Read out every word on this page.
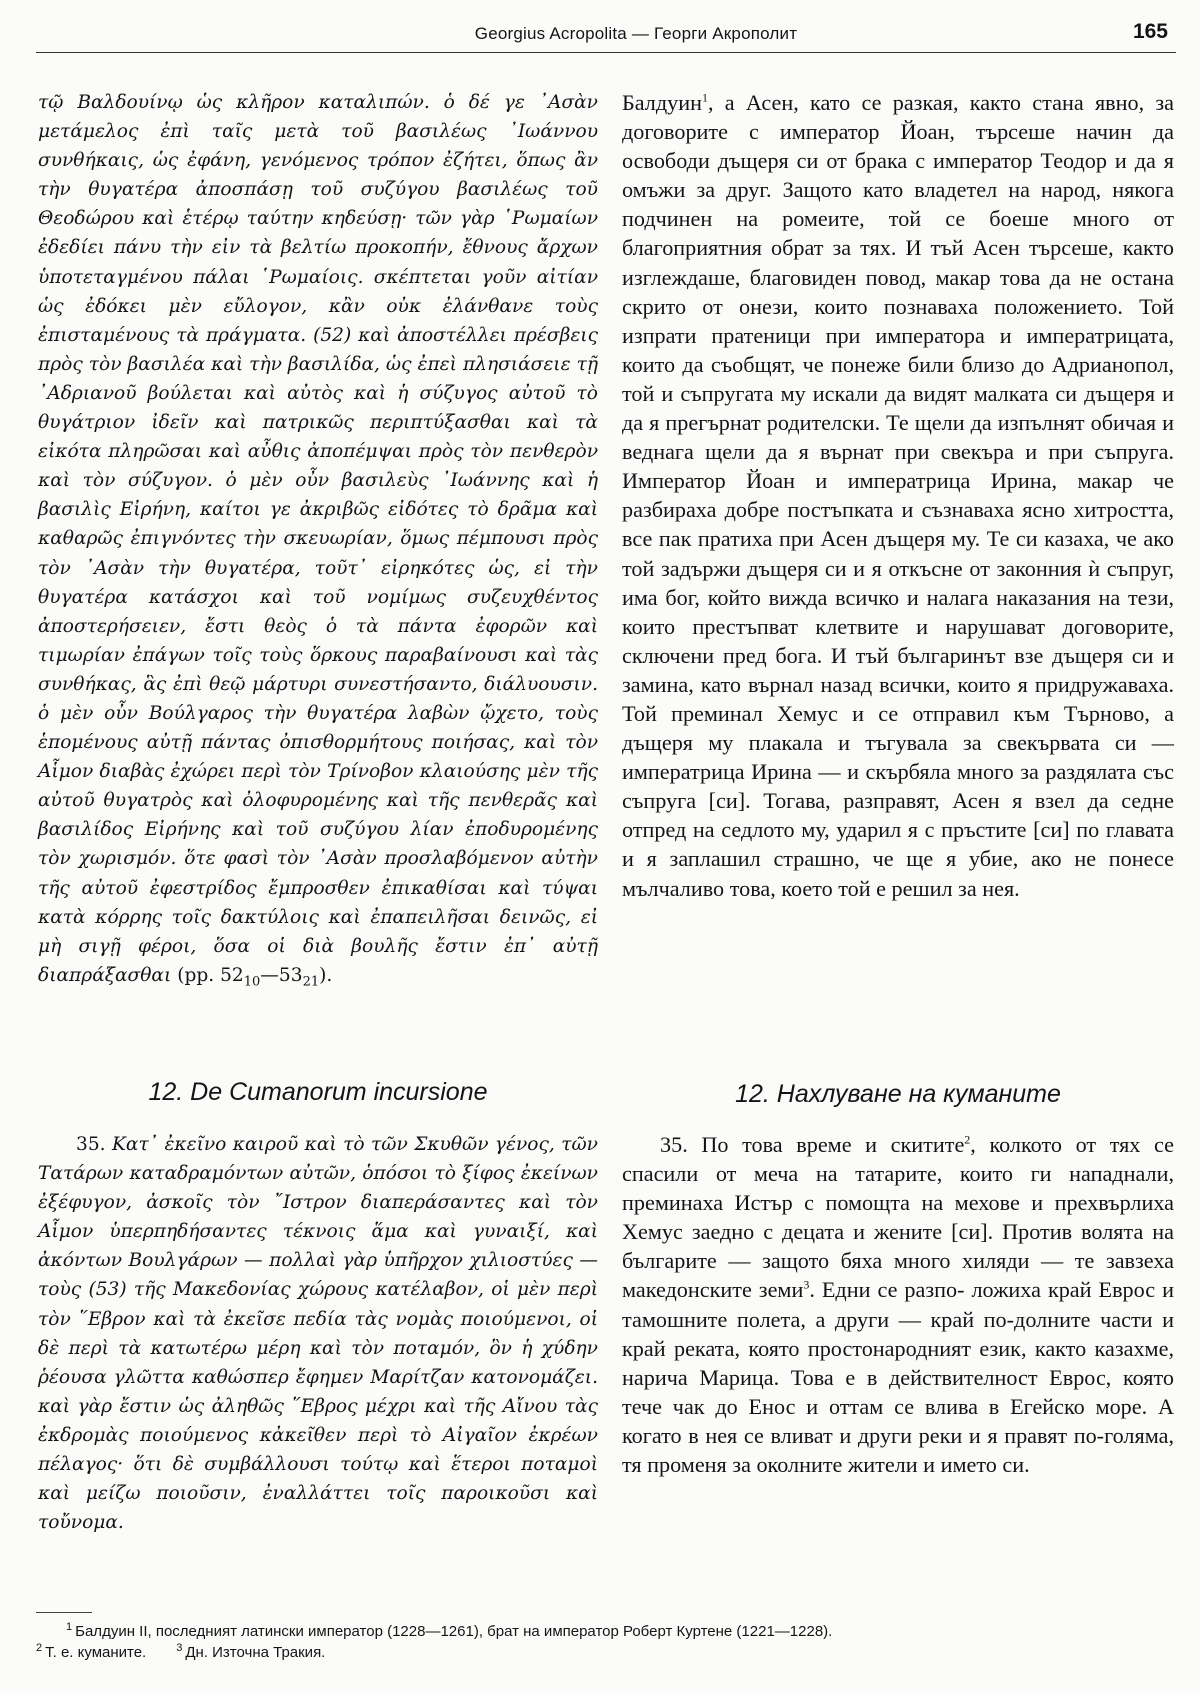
Georgius Acropolita — Георги Акрополит	165

τῷ Βαλδουίνῳ ὡς κλῆρον καταλιπών. ὁ δέ γε ᾿Ασὰν μετάμελος ἐπὶ ταῖς μετὰ τοῦ βασιλέως ᾿Ιωάννου συνθήκαις, ὡς ἐφάνη, γενόμενος τρόπον ἐζήτει, ὅπως ἂν τὴν θυγατέρα ἀποσπάσῃ τοῦ συζύγου βασιλέως τοῦ Θεοδώρου καὶ ἑτέρῳ ταύτην κηδεύσῃ· τῶν γὰρ ῾Ρωμαίων ἐδεδίει πάνυ τὴν εἰν τὰ βελτίω προκοπήν, ἔθνους ἄρχων ὑποτεταγμένου πάλαι ῾Ρωμαίοις. σκέπτεται γοῦν αἰτίαν ὡς ἐδόκει μὲν εὔλογον, κἂν οὐκ ἐλάνθανε τοὺς ἐπισταμένους τὰ πράγματα. (52) καὶ ἀποστέλλει πρέσβεις πρὸς τὸν βασιλέα καὶ τὴν βασιλίδα, ὡς ἐπεὶ πλησιάσειε τῇ ᾿Αδριανοῦ βούλεται καὶ αὐτὸς καὶ ἡ σύζυγος αὐτοῦ τὸ θυγάτριον ἰδεῖν καὶ πατρικῶς περιπτύξασθαι καὶ τὰ εἰκότα πληρῶσαι καὶ αὖθις ἀποπέμψαι πρὸς τὸν πενθερὸν καὶ τὸν σύζυγον. ὁ μὲν οὖν βασιλεὺς ᾿Ιωάννης καὶ ἡ βασιλὶς Εἰρήνη, καίτοι γε ἀκριβῶς εἰδότες τὸ δρᾶμα καὶ καθαρῶς ἐπιγνόντες τὴν σκευωρίαν, ὅμως πέμπουσι πρὸς τὸν ᾿Ασὰν τὴν θυγατέρα, τοῦτ᾿ εἰρηκότες ὡς, εἰ τὴν θυγατέρα κατάσχοι καὶ τοῦ νομίμως συζευχθέντος ἀποστερήσειεν, ἔστι θεὸς ὁ τὰ πάντα ἐφορῶν καὶ τιμωρίαν ἐπάγων τοῖς τοὺς ὅρκους παραβαίνουσι καὶ τὰς συνθήκας, ἃς ἐπὶ θεῷ μάρτυρι συνεστήσαντο, διάλυουσιν. ὁ μὲν οὖν Βούλγαρος τὴν θυγατέρα λαβὼν ᾤχετο, τοὺς ἑπομένους αὐτῇ πάντας ὀπισθορμήτους ποιήσας, καὶ τὸν Αἷμον διαβὰς ἐχώρει περὶ τὸν Τρίνοβον κλαιούσης μὲν τῆς αὐτοῦ θυγατρὸς καὶ ὀλοφυρομένης καὶ τῆς πενθερᾶς καὶ βασιλίδος Εἰρήνης καὶ τοῦ συζύγου λίαν ἐποδυρομένης τὸν χωρισμόν. ὅτε φασὶ τὸν ᾿Ασὰν προσλαβόμενον αὐτὴν τῆς αὐτοῦ ἐφεστρίδος ἔμπροσθεν ἐπικαθίσαι καὶ τύψαι κατὰ κόρρης τοῖς δακτύλοις καὶ ἐπαπειλῆσαι δεινῶς, εἰ μὴ σιγῇ φέροι, ὅσα οἱ διὰ βουλῆς ἔστιν ἐπ᾿ αὐτῇ διαπράξασθαι (pp. $52_{10}—53_{21}$).

Балдуин$^1$, а Асен, като се разкая, както стана явно, за договорите с император Йоан, търсеше начин да освободи дъщеря си от брака с император Теодор и да я омъжи за друг. Защото като владетел на народ, някога подчинен на ромеите, той се боеше много от благоприятния обрат за тях. И тъй Асен търсеше, както изглеждаше, благовиден повод, макар това да не остана скрито от онези, които познаваха положението. Той изпрати пратеници при императора и императрицата, които да съобщят, че понеже били близо до Адрианопол, той и съпругата му искали да видят малката си дъщеря и да я прегърнат родителски. Те щели да изпълнят обичая и веднага щели да я върнат при свекъра и при съпруга. Император Йоан и императрица Ирина, макар че разбираха добре постъпката и съзнаваха ясно хитростта, все пак пратиха при Асен дъщеря му. Те си казаха, че ако той задържи дъщеря си и я откъсне от законния ѝ съпруг, има бог, който вижда всичко и налага наказания на тези, които престъпват клетвите и нарушават договорите, сключени пред бога. И тъй българинът взе дъщеря си и замина, като върнал назад всички, които я придружаваха. Той преминал Хемус и се отправил към Търново, а дъщеря му плакала и тъгувала за свекървата си — императрица Ирина — и скърбяла много за раздялата със съпруга [си]. Тогава, разправят, Асен я взел да седне отпред на седлото му, ударил я с пръстите [си] по главата и я заплашил страшно, че ще я убие, ако не понесе мълчаливо това, което той е решил за нея.

12. De Cumanorum incursione	12. Нахлуване на куманите

35. Κατ᾿ ἐκεῖνο καιροῦ καὶ τὸ τῶν Σκυθῶν γένος, τῶν Τατάρων καταδραμόντων αὐτῶν, ὁπόσοι τὸ ξίφος ἐκείνων ἐξέφυγον, ἀσκοῖς τὸν ῎Ιστρον διαπεράσαντες καὶ τὸν Αἷμον ὑπερπηδήσαντες τέκνοις ἅμα καὶ γυναιξί, καὶ ἀκόντων Βουλγάρων — πολλαὶ γὰρ ὑπῆρχον χιλιοστύες — τοὺς (53) τῆς Μακεδονίας χώρους κατέλαβον, οἱ μὲν περὶ τὸν ῞Εβρον καὶ τὰ ἐκεῖσε πεδία τὰς νομὰς ποιούμενοι, οἱ δὲ περὶ τὰ κατωτέρω μέρη καὶ τὸν ποταμόν, ὃν ἡ χύδην ῥέουσα γλῶττα καθώσπερ ἔφημεν Μαρίτζαν κατονομάζει. καὶ γὰρ ἔστιν ὡς ἀληθῶς ῞Εβρος μέχρι καὶ τῆς Αἴνου τὰς ἐκδρομὰς ποιούμενος κἀκεῖθεν περὶ τὸ Αἰγαῖον ἐκρέων πέλαγος· ὅτι δὲ συμβάλλουσι τούτῳ καὶ ἕτεροι ποταμοὶ καὶ μείζω ποιοῦσιν, ἐναλλάττει τοῖς παροικοῦσι καὶ τοὔνομα.

35. По това време и скитите$^2$, колкото от тях се спасили от меча на татарите, които ги нападнали, преминаха Истър с помощта на мехове и прехвърлиха Хемус заедно с децата и жените [си]. Против волята на българите — защото бяха много хиляди — те завзеха македонските земи$^3$. Едни се разпо- ложиха край Еврос и тамошните полета, а други — край по-долните части и край реката, която простонародният език, както казахме, нарича Марица. Това е в действителност Еврос, която тече чак до Енос и оттам се влива в Егейско море. А когато в нея се вливат и други реки и я правят по-голяма, тя променя за околните жители и името си.

$^1$ Балдуин II, последният латински император (1228—1261), брат на император Роберт Куртене (1221—1228).
$^2$ Т. е. куманите.	$^3$ Дн. Източна Тракия.
